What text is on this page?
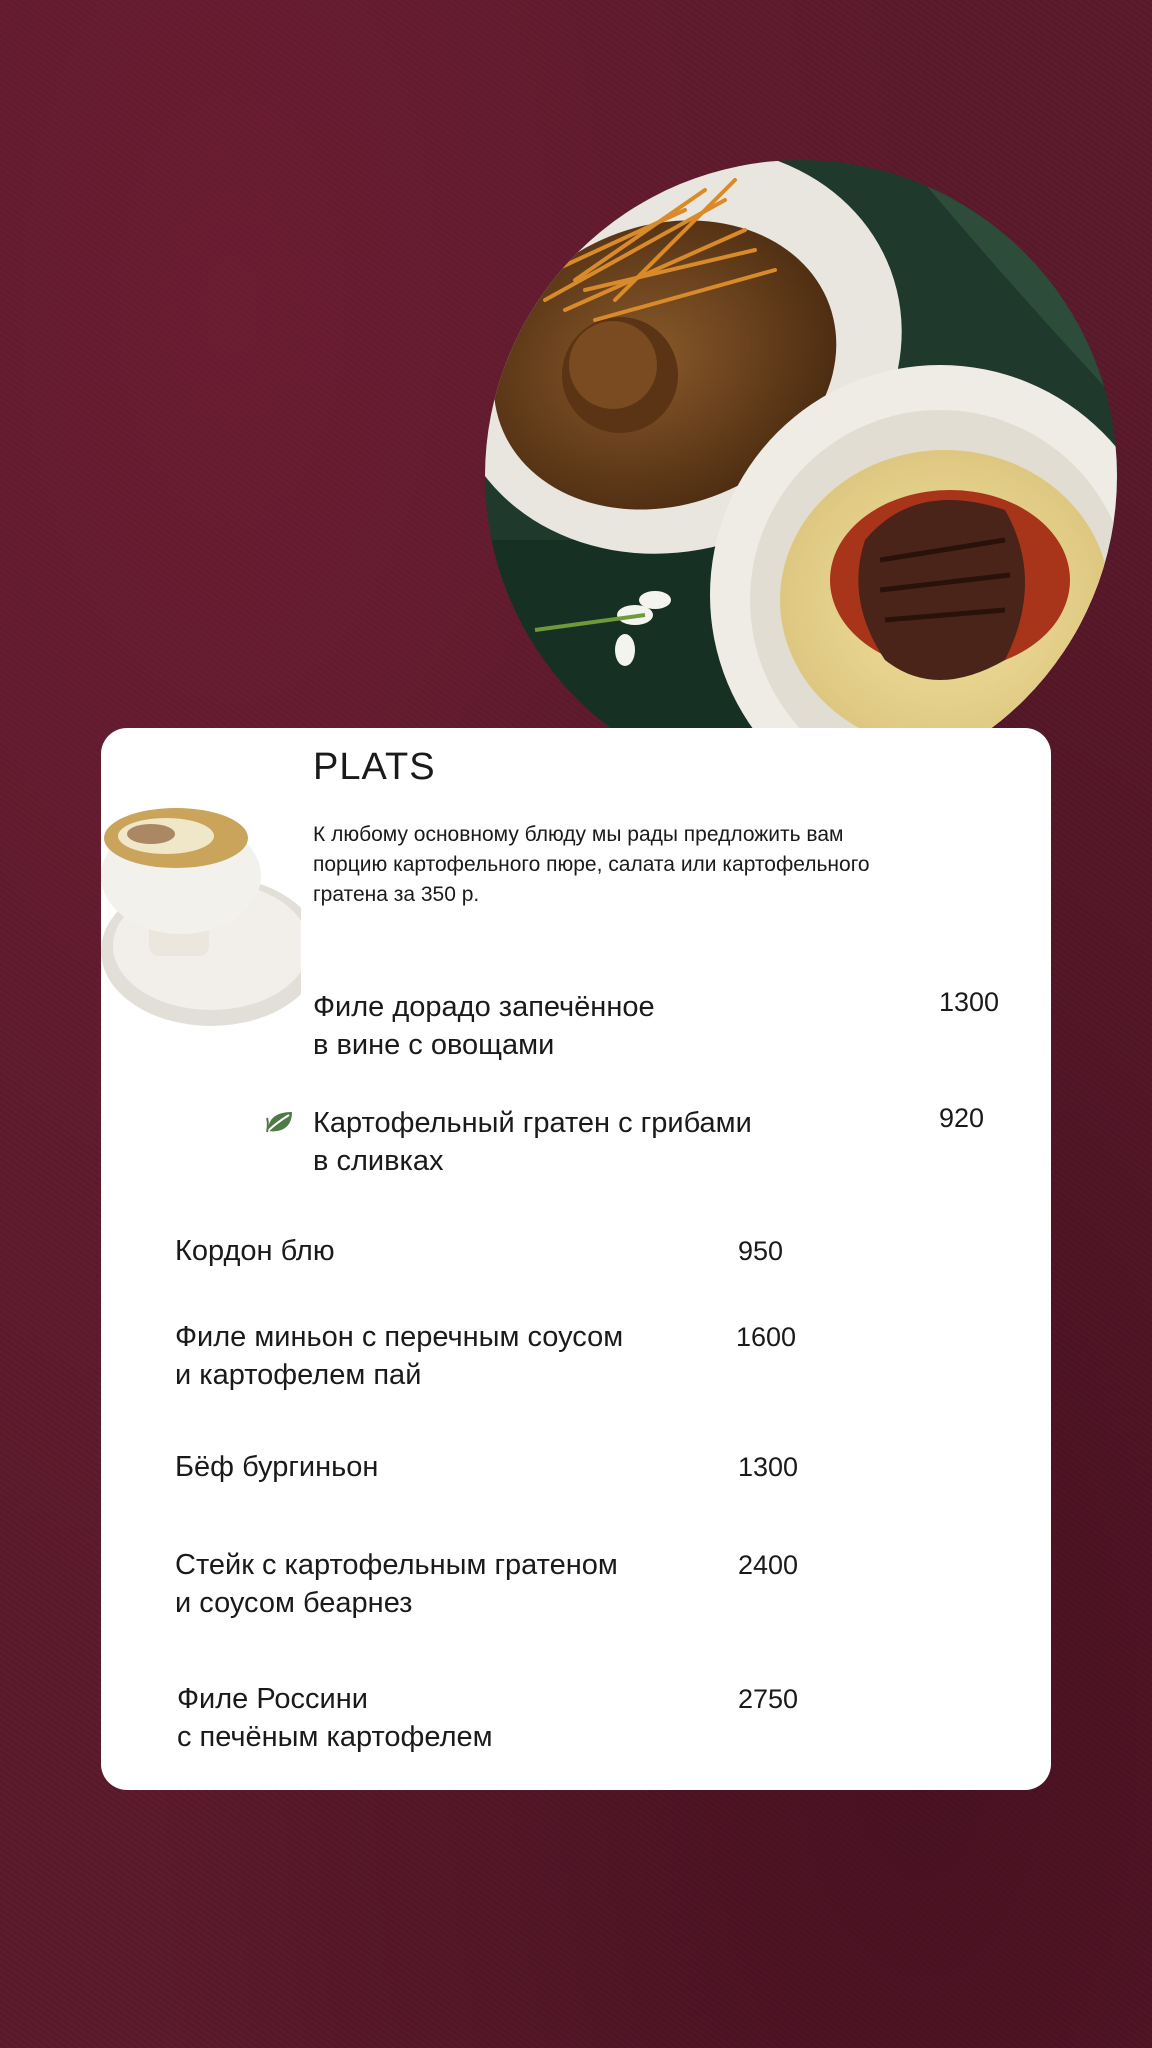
PLATS
К любому основному блюду мы рады предложить вам порцию картофельного пюре, салата или картофельного гратена за 350 р.
Филе дорадо запечённое
в вине с овощами
1300
Картофельный гратен с грибами
в сливках
920
Кордон блю	950
Филе миньон с перечным соусом
и картофелем пай
1600
Бёф бургиньон	1300
Стейк с картофельным гратеном
и соусом беарнез
2400
Филе Россини
с печёным картофелем
2750
